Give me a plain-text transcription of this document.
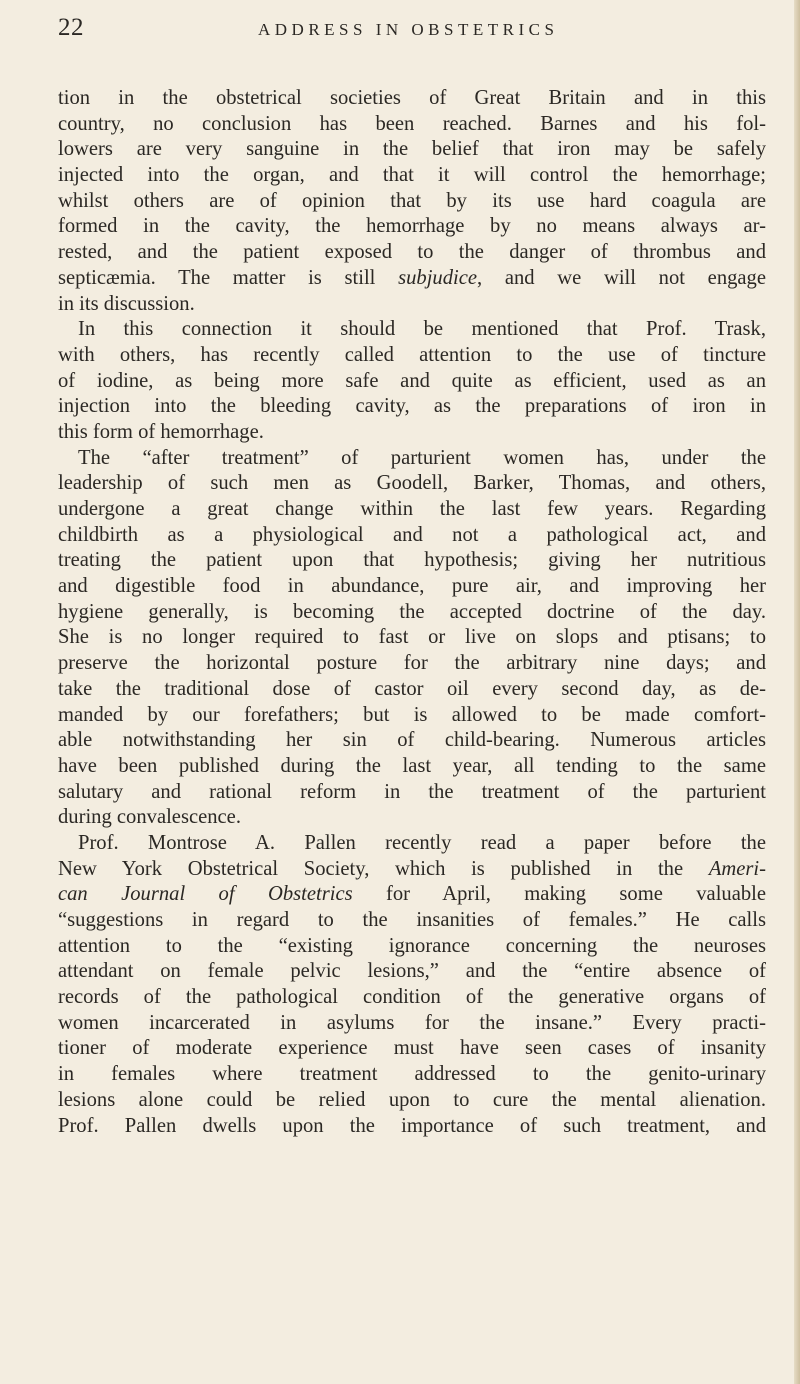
22	ADDRESS IN OBSTETRICS
tion in the obstetrical societies of Great Britain and in this
country, no conclusion has been reached. Barnes and his fol-
lowers are very sanguine in the belief that iron may be safely
injected into the organ, and that it will control the hemorrhage;
whilst others are of opinion that by its use hard coagula are
formed in the cavity, the hemorrhage by no means always ar-
rested, and the patient exposed to the danger of thrombus and
septicæmia. The matter is still subjudice, and we will not engage
in its discussion.
In this connection it should be mentioned that Prof. Trask,
with others, has recently called attention to the use of tincture
of iodine, as being more safe and quite as efficient, used as an
injection into the bleeding cavity, as the preparations of iron in
this form of hemorrhage.
The “after treatment” of parturient women has, under the
leadership of such men as Goodell, Barker, Thomas, and others,
undergone a great change within the last few years. Regarding
childbirth as a physiological and not a pathological act, and
treating the patient upon that hypothesis; giving her nutritious
and digestible food in abundance, pure air, and improving her
hygiene generally, is becoming the accepted doctrine of the day.
She is no longer required to fast or live on slops and ptisans; to
preserve the horizontal posture for the arbitrary nine days; and
take the traditional dose of castor oil every second day, as de-
manded by our forefathers; but is allowed to be made comfort-
able notwithstanding her sin of child-bearing. Numerous articles
have been published during the last year, all tending to the same
salutary and rational reform in the treatment of the parturient
during convalescence.
Prof. Montrose A. Pallen recently read a paper before the
New York Obstetrical Society, which is published in the Ameri-
can Journal of Obstetrics for April, making some valuable
“suggestions in regard to the insanities of females.” He calls
attention to the “existing ignorance concerning the neuroses
attendant on female pelvic lesions,” and the “entire absence of
records of the pathological condition of the generative organs of
women incarcerated in asylums for the insane.” Every practi-
tioner of moderate experience must have seen cases of insanity
in females where treatment addressed to the genito-urinary
lesions alone could be relied upon to cure the mental alienation.
Prof. Pallen dwells upon the importance of such treatment, and
